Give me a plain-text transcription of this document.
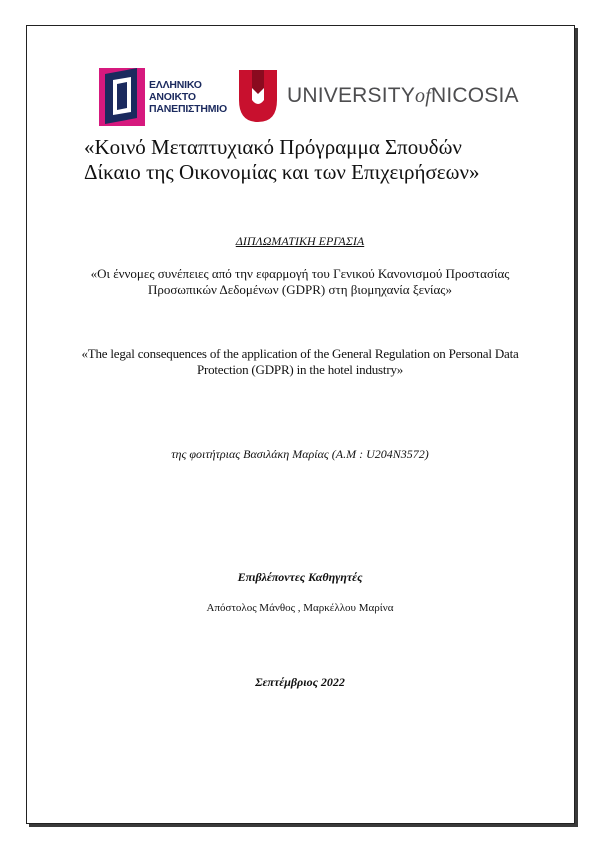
ΕΛΛΗΝΙΚΟ
ΑΝΟΙΚΤΟ
ΠΑΝΕΠΙΣΤΗΜΙΟ
UNIVERSITYofNICOSIA
«Κοινό Μεταπτυχιακό Πρόγραμμα Σπουδών
Δίκαιο της Οικονομίας και των Επιχειρήσεων»
ΔΙΠΛΩΜΑΤΙΚΗ ΕΡΓΑΣΙΑ
«Οι έννομες συνέπειες από την εφαρμογή του Γενικού Κανονισμού Προστασίας Προσωπικών Δεδομένων (GDPR) στη βιομηχανία ξενίας»
«The legal consequences of the application of the General Regulation on Personal Data Protection (GDPR) in the hotel industry»
της φοιτήτριας Βασιλάκη Μαρίας (Α.Μ : U204N3572)
Επιβλέποντες Καθηγητές
Απόστολος Μάνθος , Μαρκέλλου Μαρίνα
Σεπτέμβριος 2022
